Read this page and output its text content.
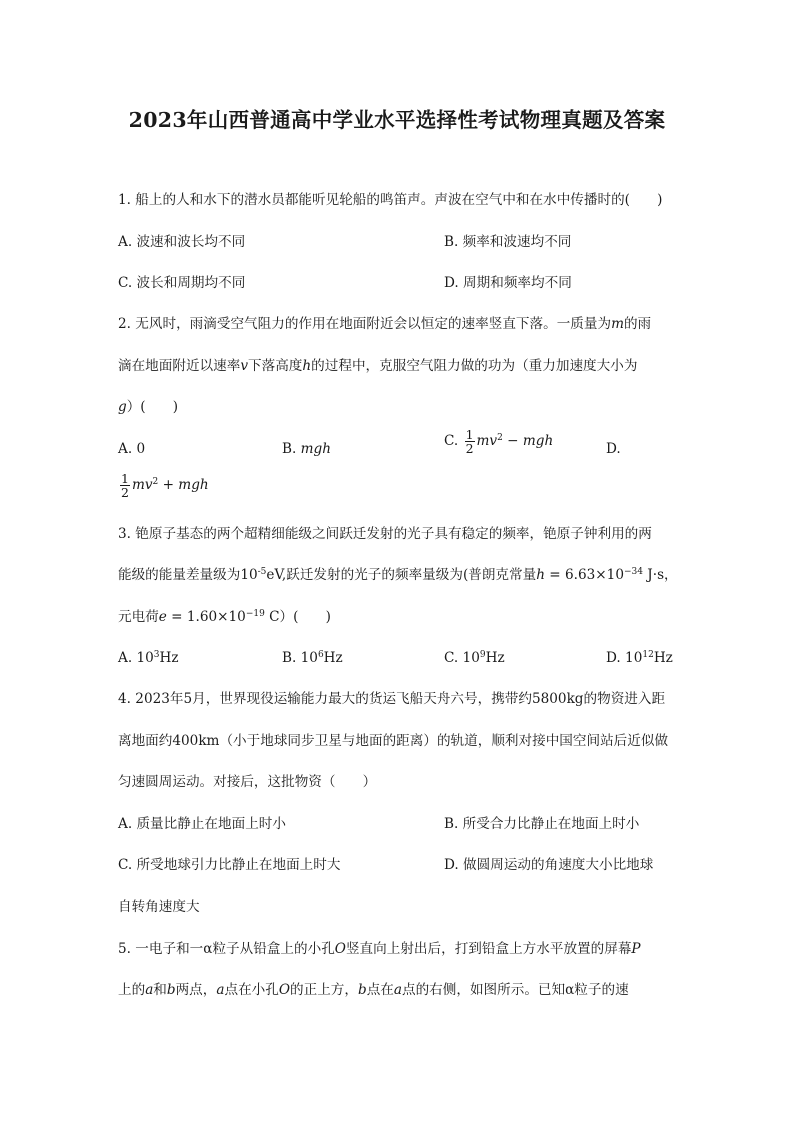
2023年山西普通高中学业水平选择性考试物理真题及答案
1. 船上的人和水下的潜水员都能听见轮船的鸣笛声。声波在空气中和在水中传播时的(　　)
A. 波速和波长均不同	B. 频率和波速均不同
C. 波长和周期均不同	D. 周期和频率均不同
2. 无风时，雨滴受空气阻力的作用在地面附近会以恒定的速率竖直下落。一质量为m的雨
滴在地面附近以速率v下落高度h的过程中，克服空气阻力做的功为（重力加速度大小为
g）(　　)
A. 0	B. mgh	C. $\frac{1}{2} mv^2$ − mgh	D.
$\frac{1}{2} mv^2$ + mgh
3. 铯原子基态的两个超精细能级之间跃迁发射的光子具有稳定的频率，铯原子钟利用的两
能级的能量差量级为$10^{-5}eV$,跃迁发射的光子的频率量级为(普朗克常量$h = 6.63\times 10^{-34}$ J·s，
元电荷$e = 1.60\times 10^{-19}$ C）(　　)
A. $10^3Hz$	B. $10^6Hz$	C. $10^9Hz$	D. $10^{12}Hz$
4. 2023年5月，世界现役运输能力最大的货运飞船天舟六号，携带约5800kg的物资进入距
离地面约400km（小于地球同步卫星与地面的距离）的轨道，顺利对接中国空间站后近似做
匀速圆周运动。对接后，这批物资（　　）
A. 质量比静止在地面上时小	B. 所受合力比静止在地面上时小
C. 所受地球引力比静止在地面上时大	D. 做圆周运动的角速度大小比地球
自转角速度大
5. 一电子和一α粒子从铅盒上的小孔O竖直向上射出后，打到铅盒上方水平放置的屏幕P
上的a和b两点，a点在小孔O的正上方，b点在a点的右侧，如图所示。已知α粒子的速
